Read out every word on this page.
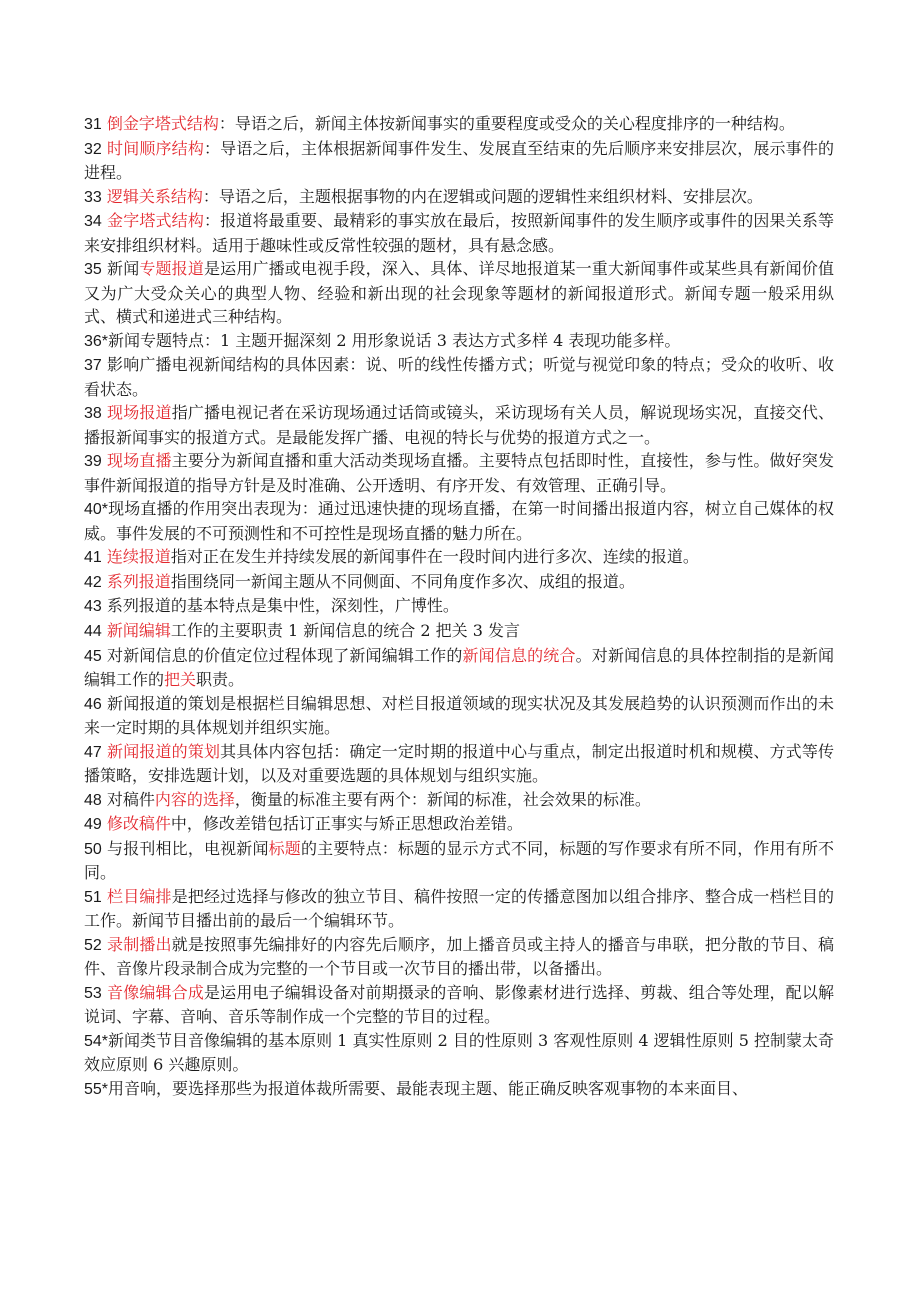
31 倒金字塔式结构：导语之后，新闻主体按新闻事实的重要程度或受众的关心程度排序的一种结构。
32 时间顺序结构：导语之后，主体根据新闻事件发生、发展直至结束的先后顺序来安排层次，展示事件的进程。
33 逻辑关系结构：导语之后，主题根据事物的内在逻辑或问题的逻辑性来组织材料、安排层次。
34 金字塔式结构：报道将最重要、最精彩的事实放在最后，按照新闻事件的发生顺序或事件的因果关系等来安排组织材料。适用于趣味性或反常性较强的题材，具有悬念感。
35 新闻专题报道是运用广播或电视手段，深入、具体、详尽地报道某一重大新闻事件或某些具有新闻价值又为广大受众关心的典型人物、经验和新出现的社会现象等题材的新闻报道形式。新闻专题一般采用纵式、横式和递进式三种结构。
36*新闻专题特点：1 主题开掘深刻 2 用形象说话 3 表达方式多样 4 表现功能多样。
37 影响广播电视新闻结构的具体因素：说、听的线性传播方式；听觉与视觉印象的特点；受众的收听、收看状态。
38 现场报道指广播电视记者在采访现场通过话筒或镜头，采访现场有关人员，解说现场实况，直接交代、播报新闻事实的报道方式。是最能发挥广播、电视的特长与优势的报道方式之一。
39 现场直播主要分为新闻直播和重大活动类现场直播。主要特点包括即时性，直接性，参与性。做好突发事件新闻报道的指导方针是及时准确、公开透明、有序开发、有效管理、正确引导。
40*现场直播的作用突出表现为：通过迅速快捷的现场直播，在第一时间播出报道内容，树立自己媒体的权威。事件发展的不可预测性和不可控性是现场直播的魅力所在。
41 连续报道指对正在发生并持续发展的新闻事件在一段时间内进行多次、连续的报道。
42 系列报道指围绕同一新闻主题从不同侧面、不同角度作多次、成组的报道。
43 系列报道的基本特点是集中性，深刻性，广博性。
44 新闻编辑工作的主要职责 1 新闻信息的统合 2 把关 3 发言
45 对新闻信息的价值定位过程体现了新闻编辑工作的新闻信息的统合。对新闻信息的具体控制指的是新闻编辑工作的把关职责。
46 新闻报道的策划是根据栏目编辑思想、对栏目报道领域的现实状况及其发展趋势的认识预测而作出的未来一定时期的具体规划并组织实施。
47 新闻报道的策划其具体内容包括：确定一定时期的报道中心与重点，制定出报道时机和规模、方式等传播策略，安排选题计划，以及对重要选题的具体规划与组织实施。
48 对稿件内容的选择，衡量的标准主要有两个：新闻的标准，社会效果的标准。
49 修改稿件中，修改差错包括订正事实与矫正思想政治差错。
50 与报刊相比，电视新闻标题的主要特点：标题的显示方式不同，标题的写作要求有所不同，作用有所不同。
51 栏目编排是把经过选择与修改的独立节目、稿件按照一定的传播意图加以组合排序、整合成一档栏目的工作。新闻节目播出前的最后一个编辑环节。
52 录制播出就是按照事先编排好的内容先后顺序，加上播音员或主持人的播音与串联，把分散的节目、稿件、音像片段录制合成为完整的一个节目或一次节目的播出带，以备播出。
53 音像编辑合成是运用电子编辑设备对前期摄录的音响、影像素材进行选择、剪裁、组合等处理，配以解说词、字幕、音响、音乐等制作成一个完整的节目的过程。
54*新闻类节目音像编辑的基本原则 1 真实性原则 2 目的性原则 3 客观性原则 4 逻辑性原则 5 控制蒙太奇效应原则 6 兴趣原则。
55*用音响，要选择那些为报道体裁所需要、最能表现主题、能正确反映客观事物的本来面目、
